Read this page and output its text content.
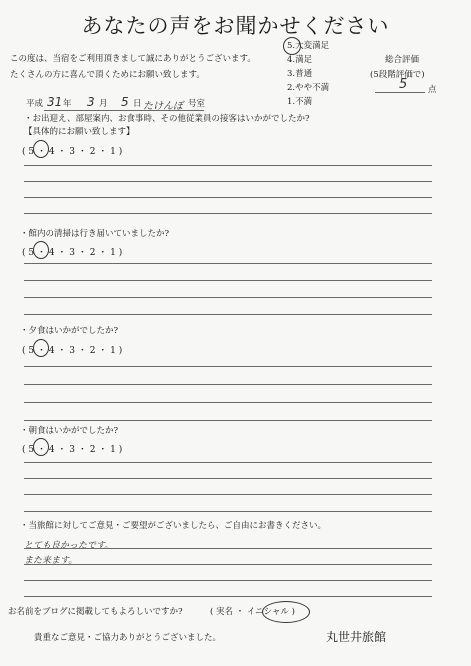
あなたの声をお聞かせください
この度は、当宿をご利用頂きまして誠にありがとうございます。
たくさんの方に喜んで頂くためにお願い致します。
5.大変満足
4.満足
3.普通
2.やや不満
1.不満
総合評価
(5段階評価で)
5 点
平成 31 年 3 月 5 日 たけんぼ 号室
・お出迎え、部屋案内、お食事時、その他従業員の接客はいかがでしたか?
【具体的にお願い致します】
( 5 ・ 4 ・ 3 ・ 2 ・ 1 )
・館内の清掃は行き届いていましたか?
( 5 ・ 4 ・ 3 ・ 2 ・ 1 )
・夕食はいかがでしたか?
( 5 ・ 4 ・ 3 ・ 2 ・ 1 )
・朝食はいかがでしたか?
( 5 ・ 4 ・ 3 ・ 2 ・ 1 )
・当旅館に対してご意見・ご要望がございましたら、ご自由にお書きください。
とても良かったです。
また来ます。
お名前をブログに掲載してもよろしいですか?	( 実名 ・ イニシャル )
貴重なご意見・ご協力ありがとうございました。	丸世井旅館
